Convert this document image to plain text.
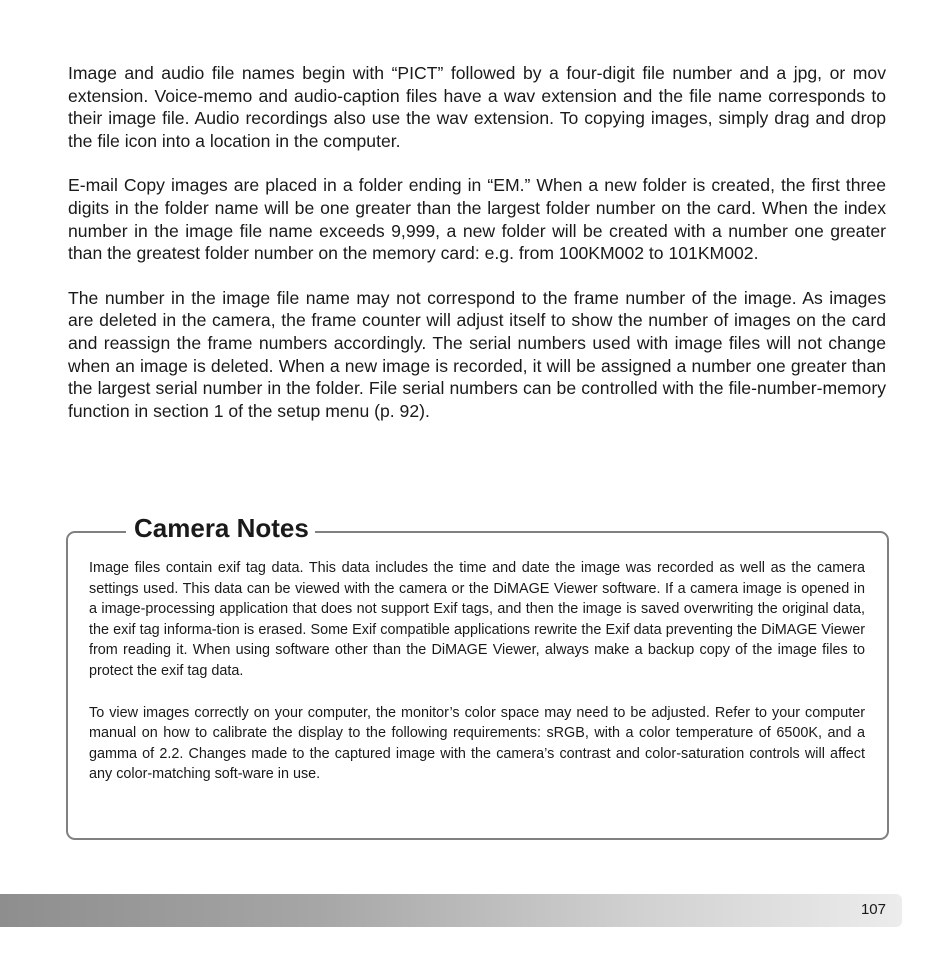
Image and audio file names begin with “PICT” followed by a four-digit file number and a jpg, or mov extension. Voice-memo and audio-caption files have a wav extension and the file name corresponds to their image file. Audio recordings also use the wav extension. To copying images, simply drag and drop the file icon into a location in the computer.

E-mail Copy images are placed in a folder ending in “EM.” When a new folder is created, the first three digits in the folder name will be one greater than the largest folder number on the card. When the index number in the image file name exceeds 9,999, a new folder will be created with a number one greater than the greatest folder number on the memory card: e.g. from 100KM002 to 101KM002.

The number in the image file name may not correspond to the frame number of the image. As images are deleted in the camera, the frame counter will adjust itself to show the number of images on the card and reassign the frame numbers accordingly. The serial numbers used with image files will not change when an image is deleted. When a new image is recorded, it will be assigned a number one greater than the largest serial number in the folder. File serial numbers can be controlled with the file-number-memory function in section 1 of the setup menu (p. 92).

Camera Notes

Image files contain exif tag data. This data includes the time and date the image was recorded as well as the camera settings used. This data can be viewed with the camera or the DiMAGE Viewer software. If a camera image is opened in a image-processing application that does not support Exif tags, and then the image is saved overwriting the original data, the exif tag informa-tion is erased. Some Exif compatible applications rewrite the Exif data preventing the DiMAGE Viewer from reading it. When using software other than the DiMAGE Viewer, always make a backup copy of the image files to protect the exif tag data.

To view images correctly on your computer, the monitor’s color space may need to be adjusted. Refer to your computer manual on how to calibrate the display to the following requirements: sRGB, with a color temperature of 6500K, and a gamma of 2.2. Changes made to the captured image with the camera’s contrast and color-saturation controls will affect any color-matching soft-ware in use.

107
